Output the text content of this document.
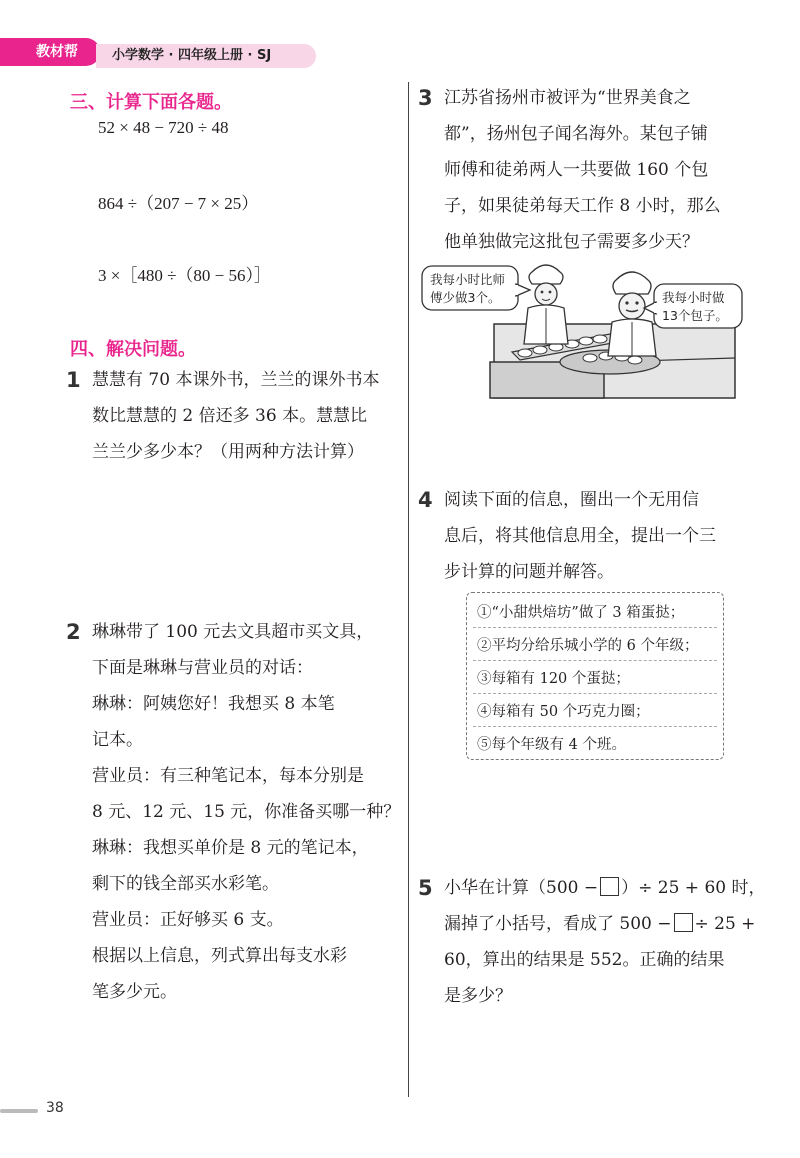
教材帮	小学数学 · 四年级上册 · SJ
三、计算下面各题。
52 × 48 − 720 ÷ 48
864 ÷（207 − 7 × 25）
3 ×［480 ÷（80 − 56）］
四、解决问题。
1 慧慧有 70 本课外书，兰兰的课外书本
数比慧慧的 2 倍还多 36 本。慧慧比
兰兰少多少本？（用两种方法计算）
2 琳琳带了 100 元去文具超市买文具，
下面是琳琳与营业员的对话：
琳琳：阿姨您好！我想买 8 本笔
记本。
营业员：有三种笔记本，每本分别是
8 元、12 元、15 元，你准备买哪一种？
琳琳：我想买单价是 8 元的笔记本，
剩下的钱全部买水彩笔。
营业员：正好够买 6 支。
根据以上信息，列式算出每支水彩
笔多少元。
3 江苏省扬州市被评为“世界美食之
都”，扬州包子闻名海外。某包子铺
师傅和徒弟两人一共要做 160 个包
子，如果徒弟每天工作 8 小时，那么
他单独做完这批包子需要多少天？
我每小时比师
傅少做3个。	我每小时做
13个包子。
4 阅读下面的信息，圈出一个无用信
息后，将其他信息用全，提出一个三
步计算的问题并解答。
①“小甜烘焙坊”做了 3 箱蛋挞；
②平均分给乐城小学的 6 个年级；
③每箱有 120 个蛋挞；
④每箱有 50 个巧克力圈；
⑤每个年级有 4 个班。
5 小华在计算（500 − ）÷ 25 + 60 时，
漏掉了小括号，看成了 500 − ÷ 25 +
60，算出的结果是 552。正确的结果
是多少？
38
